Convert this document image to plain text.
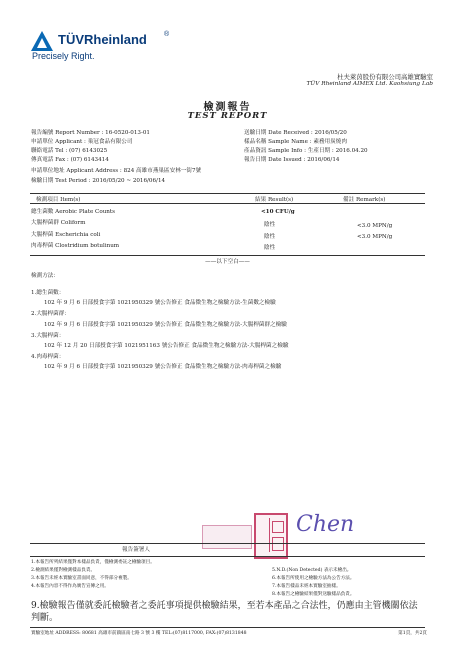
TÜVRheinland ®
Precisely Right.
杜夫萊茵股份有限公司高雄實驗室
TÜV Rheinland AIMEX Ltd. Kaohsiung Lab
檢測報告
TEST REPORT
報告編號 Report Number : 16-0520-013-01
申請單位 Applicant : 巢冠食品有限公司
聯絡電話 Tel : (07) 6143025
傳真電話 Fax : (07) 6143414
申請單位地址 Applicant Address : 824 高雄市燕巢區安林一街7號
檢驗日期 Test Period : 2016/05/20 ~ 2016/06/14
送驗日期 Date Received : 2016/05/20
樣品名稱 Sample Name : 素務用炭燒肉
產品資訊 Sample Info : 生產日期 : 2016.04.20
報告日期 Date Issued : 2016/06/14
檢測項目 Item(s)	結果 Result(s)	備註 Remark(s)
總生菌數 Aerobic Plate Counts	<10 CFU/g
大腸桿菌群 Coliform	陰性	<3.0 MPN/g
大腸桿菌 Escherichia coli	陰性	<3.0 MPN/g
肉毒桿菌 Clostridium botulinum	陰性
——以下空白——
檢測方法：
1.總生菌數：
102 年 9 月 6 日部授食字第 1021950329 號公告修正 食品微生物之檢驗方法-生菌數之檢驗
2.大腸桿菌群：
102 年 9 月 6 日部授食字第 1021950329 號公告修正 食品微生物之檢驗方法-大腸桿菌群之檢驗
3.大腸桿菌：
102 年 12 月 20 日部授食字第 1021951163 號公告修正 食品微生物之檢驗方法-大腸桿菌之檢驗
4.肉毒桿菌：
102 年 9 月 6 日部授食字第 1021950329 號公告修正 食品微生物之檢驗方法-肉毒桿菌之檢驗
Chen
報告簽署人
1.本報告所列結果僅對本樣品負責，僅檢測委託之檢驗項目。
2.檢測結果僅對檢測樣品負責。
3.本報告未經本實驗室書面同意，不得部分複製。
4.本報告內容不得作為廣告宣傳之用。
5.N.D.(Non Detected) 表示未檢出。
6.本報告所使用之檢驗方法為公告方法。
7.本報告樣品未經本實驗室抽樣。
8.本報告之檢驗結果僅對送驗樣品負責。
9.檢驗報告僅就委託檢驗者之委託事項提供檢驗結果，至若本產品之合法性，仍應由主管機關依法判斷。
實驗室地址 ADDRESS: 80681 高雄市前鎮區南七路 3 號 3 樓 TEL:(07)8117000, FAX:(07)8131848	第1頁，共2頁
